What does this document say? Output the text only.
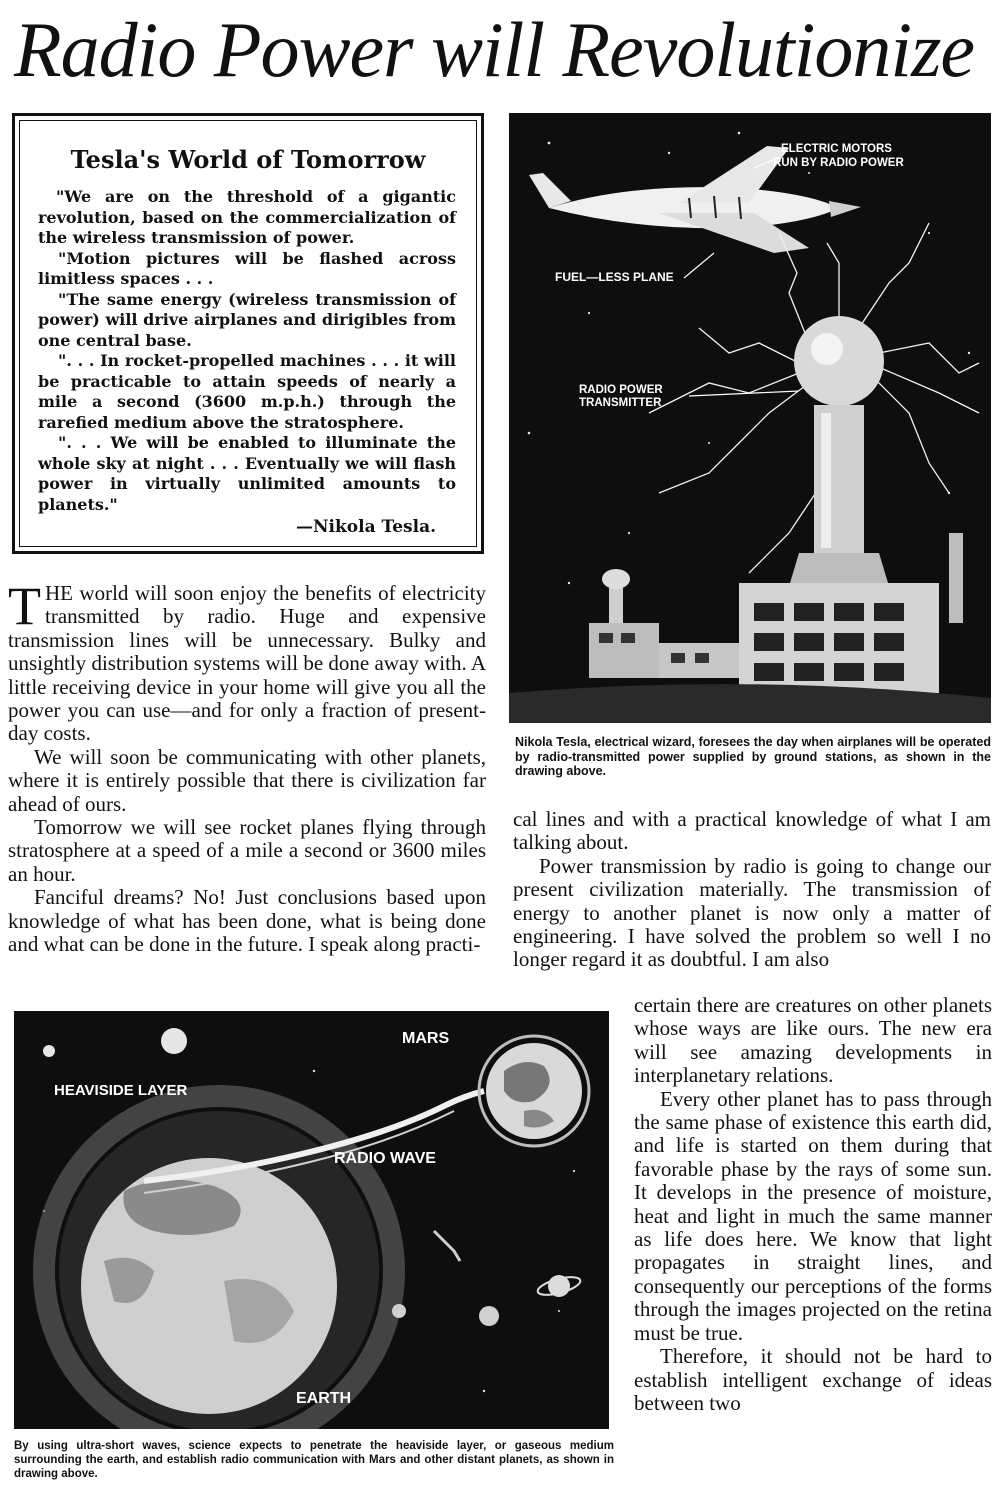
Radio Power will Revolutionize
Tesla's World of Tomorrow

"We are on the threshold of a gigantic revolution, based on the commercialization of the wireless transmission of power.

"Motion pictures will be flashed across limitless spaces . . .

"The same energy (wireless transmission of power) will drive airplanes and dirigibles from one central base.

". . . In rocket-propelled machines . . . it will be practicable to attain speeds of nearly a mile a second (3600 m.p.h.) through the rarefied medium above the stratosphere.

". . . We will be enabled to illuminate the whole sky at night . . . Eventually we will flash power in virtually unlimited amounts to planets."

—Nikola Tesla.
ELECTRIC MOTORS
RUN BY RADIO POWER
FUEL—LESS PLANE
RADIO POWER
TRANSMITTER
Nikola Tesla, electrical wizard, foresees the day when airplanes will be operated by radio-transmitted power supplied by ground stations, as shown in the drawing above.

THE world will soon enjoy the benefits of electricity transmitted by radio. Huge and expensive transmission lines will be unnecessary. Bulky and unsightly distribution systems will be done away with. A little receiving device in your home will give you all the power you can use—and for only a fraction of present-day costs.

We will soon be communicating with other planets, where it is entirely possible that there is civilization far ahead of ours.

Tomorrow we will see rocket planes flying through stratosphere at a speed of a mile a second or 3600 miles an hour.

Fanciful dreams? No! Just conclusions based upon knowledge of what has been done, what is being done and what can be done in the future. I speak along practi-

cal lines and with a practical knowledge of what I am talking about.

Power transmission by radio is going to change our present civilization materially. The transmission of energy to another planet is now only a matter of engineering. I have solved the problem so well I no longer regard it as doubtful. I am also

certain there are creatures on other planets whose ways are like ours. The new era will see amazing developments in interplanetary relations.

Every other planet has to pass through the same phase of existence this earth did, and life is started on them during that favorable phase by the rays of some sun. It develops in the presence of moisture, heat and light in much the same manner as life does here. We know that light propagates in straight lines, and consequently our perceptions of the forms through the images projected on the retina must be true.

Therefore, it should not be hard to establish intelligent exchange of ideas between two

MARS
HEAVISIDE LAYER
RADIO WAVE
EARTH
By using ultra-short waves, science expects to penetrate the heaviside layer, or gaseous medium surrounding the earth, and establish radio communication with Mars and other distant planets, as shown in drawing above.
